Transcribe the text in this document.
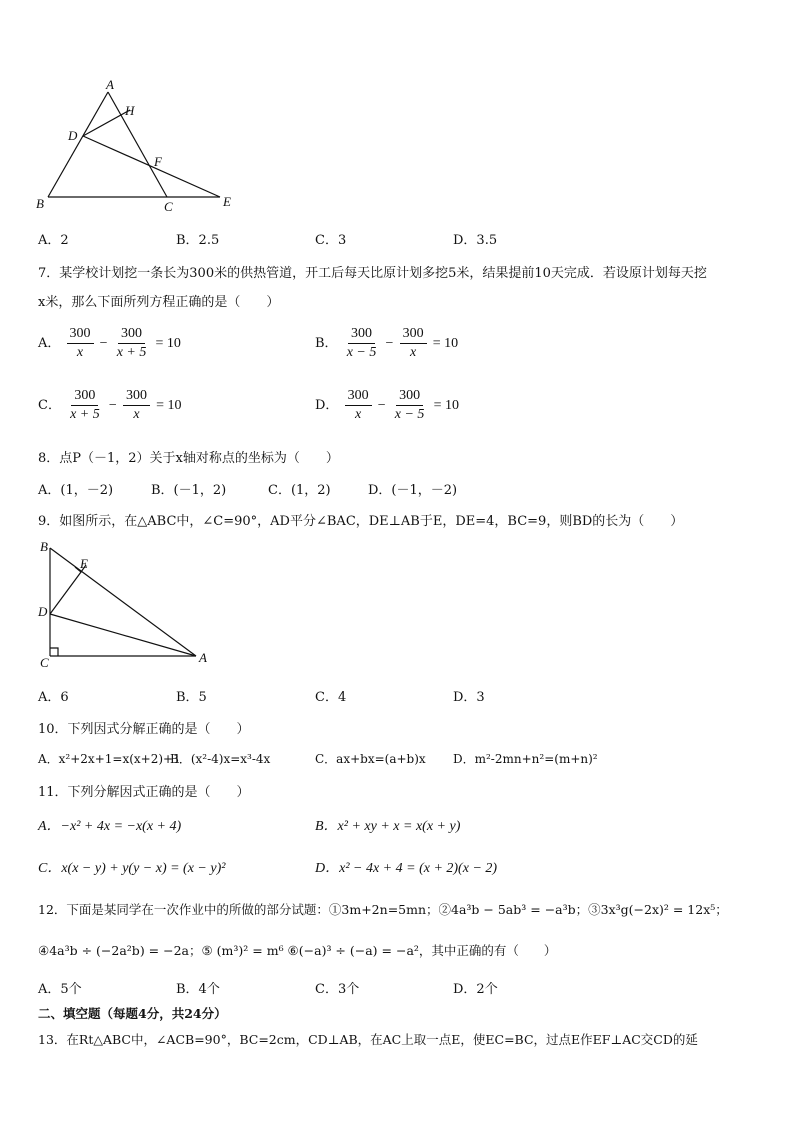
A
H
D
F
B	C	E
A．2	B．2.5	C．3	D．3.5
7．某学校计划挖一条长为300米的供热管道，开工后每天比原计划多挖5米，结果提前10天完成．若设原计划每天挖
x米，那么下面所列方程正确的是（　　）
A． $\frac{300}{x} - \frac{300}{x + 5} = 10$	B． $\frac{300}{x - 5} - \frac{300}{x} = 10$
C． $\frac{300}{x + 5} - \frac{300}{x} = 10$	D． $\frac{300}{x} - \frac{300}{x - 5} = 10$
8．点P（－1，2）关于x轴对称点的坐标为（　　）
A．(1，－2)	B．(－1，2)	C．(1，2)	D．(－1，－2)
9．如图所示，在△ABC中，∠C=90°，AD平分∠BAC，DE⊥AB于E，DE=4，BC=9，则BD的长为（　　）
B
E
D
C	A
A．6	B．5	C．4	D．3
10．下列因式分解正确的是（　　）
A．x²+2x+1=x(x+2)+1
B．(x²-4)x=x³-4x	C．ax+bx=(a+b)x D．m²-2mn+n²=(m+n)²
11．下列分解因式正确的是（　　）
A．−x² + 4x = −x(x + 4)	B．x² + xy + x = x(x + y)
C．x(x − y) + y(y − x) = (x − y)²	D．x² − 4x + 4 = (x + 2)(x − 2)
12．下面是某同学在一次作业中的所做的部分试题：①3m+2n=5mn；②4a³b − 5ab³ = −a³b；③3x³g(−2x)² = 12x⁵；
④4a³b ÷ (−2a²b) = −2a；⑤ (m³)² = m⁶ ⑥(−a)³ ÷ (−a) = −a²，其中正确的有（　　）
A．5个	B．4个	C．3个	D．2个
二、填空题（每题4分，共24分）
13．在Rt△ABC中，∠ACB=90°，BC=2cm，CD⊥AB，在AC上取一点E，使EC=BC，过点E作EF⊥AC交CD的延
